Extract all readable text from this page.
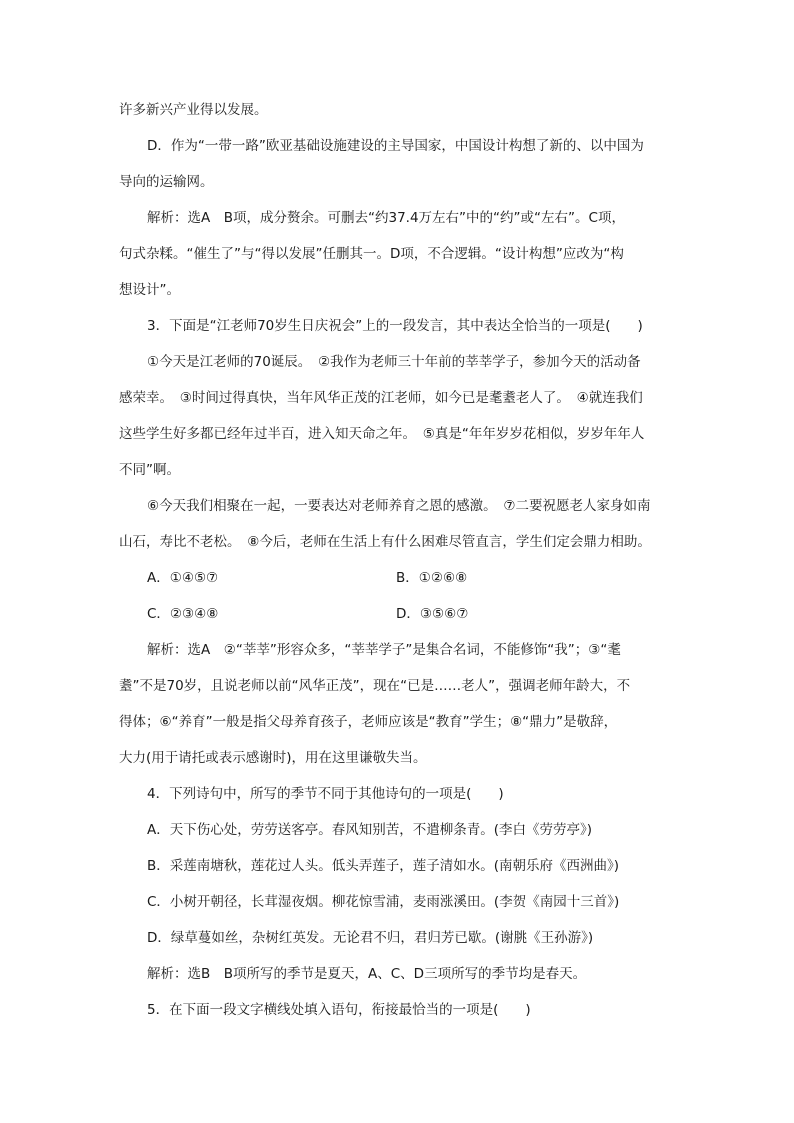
许多新兴产业得以发展。
D．作为“一带一路”欧亚基础设施建设的主导国家，中国设计构想了新的、以中国为
导向的运输网。
解析：选A　B项，成分赘余。可删去“约37.4万左右”中的“约”或“左右”。C项，
句式杂糅。“催生了”与“得以发展”任删其一。D项，不合逻辑。“设计构想”应改为“构
想设计”。
3．下面是“江老师70岁生日庆祝会”上的一段发言，其中表达全恰当的一项是(　　)
①今天是江老师的70诞辰。　②我作为老师三十年前的莘莘学子，参加今天的活动备
感荣幸。　③时间过得真快，当年风华正茂的江老师，如今已是耄耋老人了。　④就连我们
这些学生好多都已经年过半百，进入知天命之年。　⑤真是“年年岁岁花相似，岁岁年年人
不同”啊。
⑥今天我们相聚在一起，一要表达对老师养育之恩的感激。　⑦二要祝愿老人家身如南
山石，寿比不老松。　⑧今后，老师在生活上有什么困难尽管直言，学生们定会鼎力相助。
A．①④⑤⑦	B．①②⑥⑧
C．②③④⑧	D．③⑤⑥⑦
解析：选A　②“莘莘”形容众多，“莘莘学子”是集合名词，不能修饰“我”；③“耄
耋”不是70岁，且说老师以前“风华正茂”，现在“已是……老人”，强调老师年龄大，不
得体；⑥“养育”一般是指父母养育孩子，老师应该是“教育”学生；⑧“鼎力”是敬辞，
大力(用于请托或表示感谢时)，用在这里谦敬失当。
4．下列诗句中，所写的季节不同于其他诗句的一项是(　　)
A．天下伤心处，劳劳送客亭。春风知别苦，不遣柳条青。(李白《劳劳亭》)
B．采莲南塘秋，莲花过人头。低头弄莲子，莲子清如水。(南朝乐府《西洲曲》)
C．小树开朝径，长茸湿夜烟。柳花惊雪浦，麦雨涨溪田。(李贺《南园十三首》)
D．绿草蔓如丝，杂树红英发。无论君不归，君归芳已歇。(谢朓《王孙游》)
解析：选B　B项所写的季节是夏天，A、C、D三项所写的季节均是春天。
5．在下面一段文字横线处填入语句，衔接最恰当的一项是(　　)
